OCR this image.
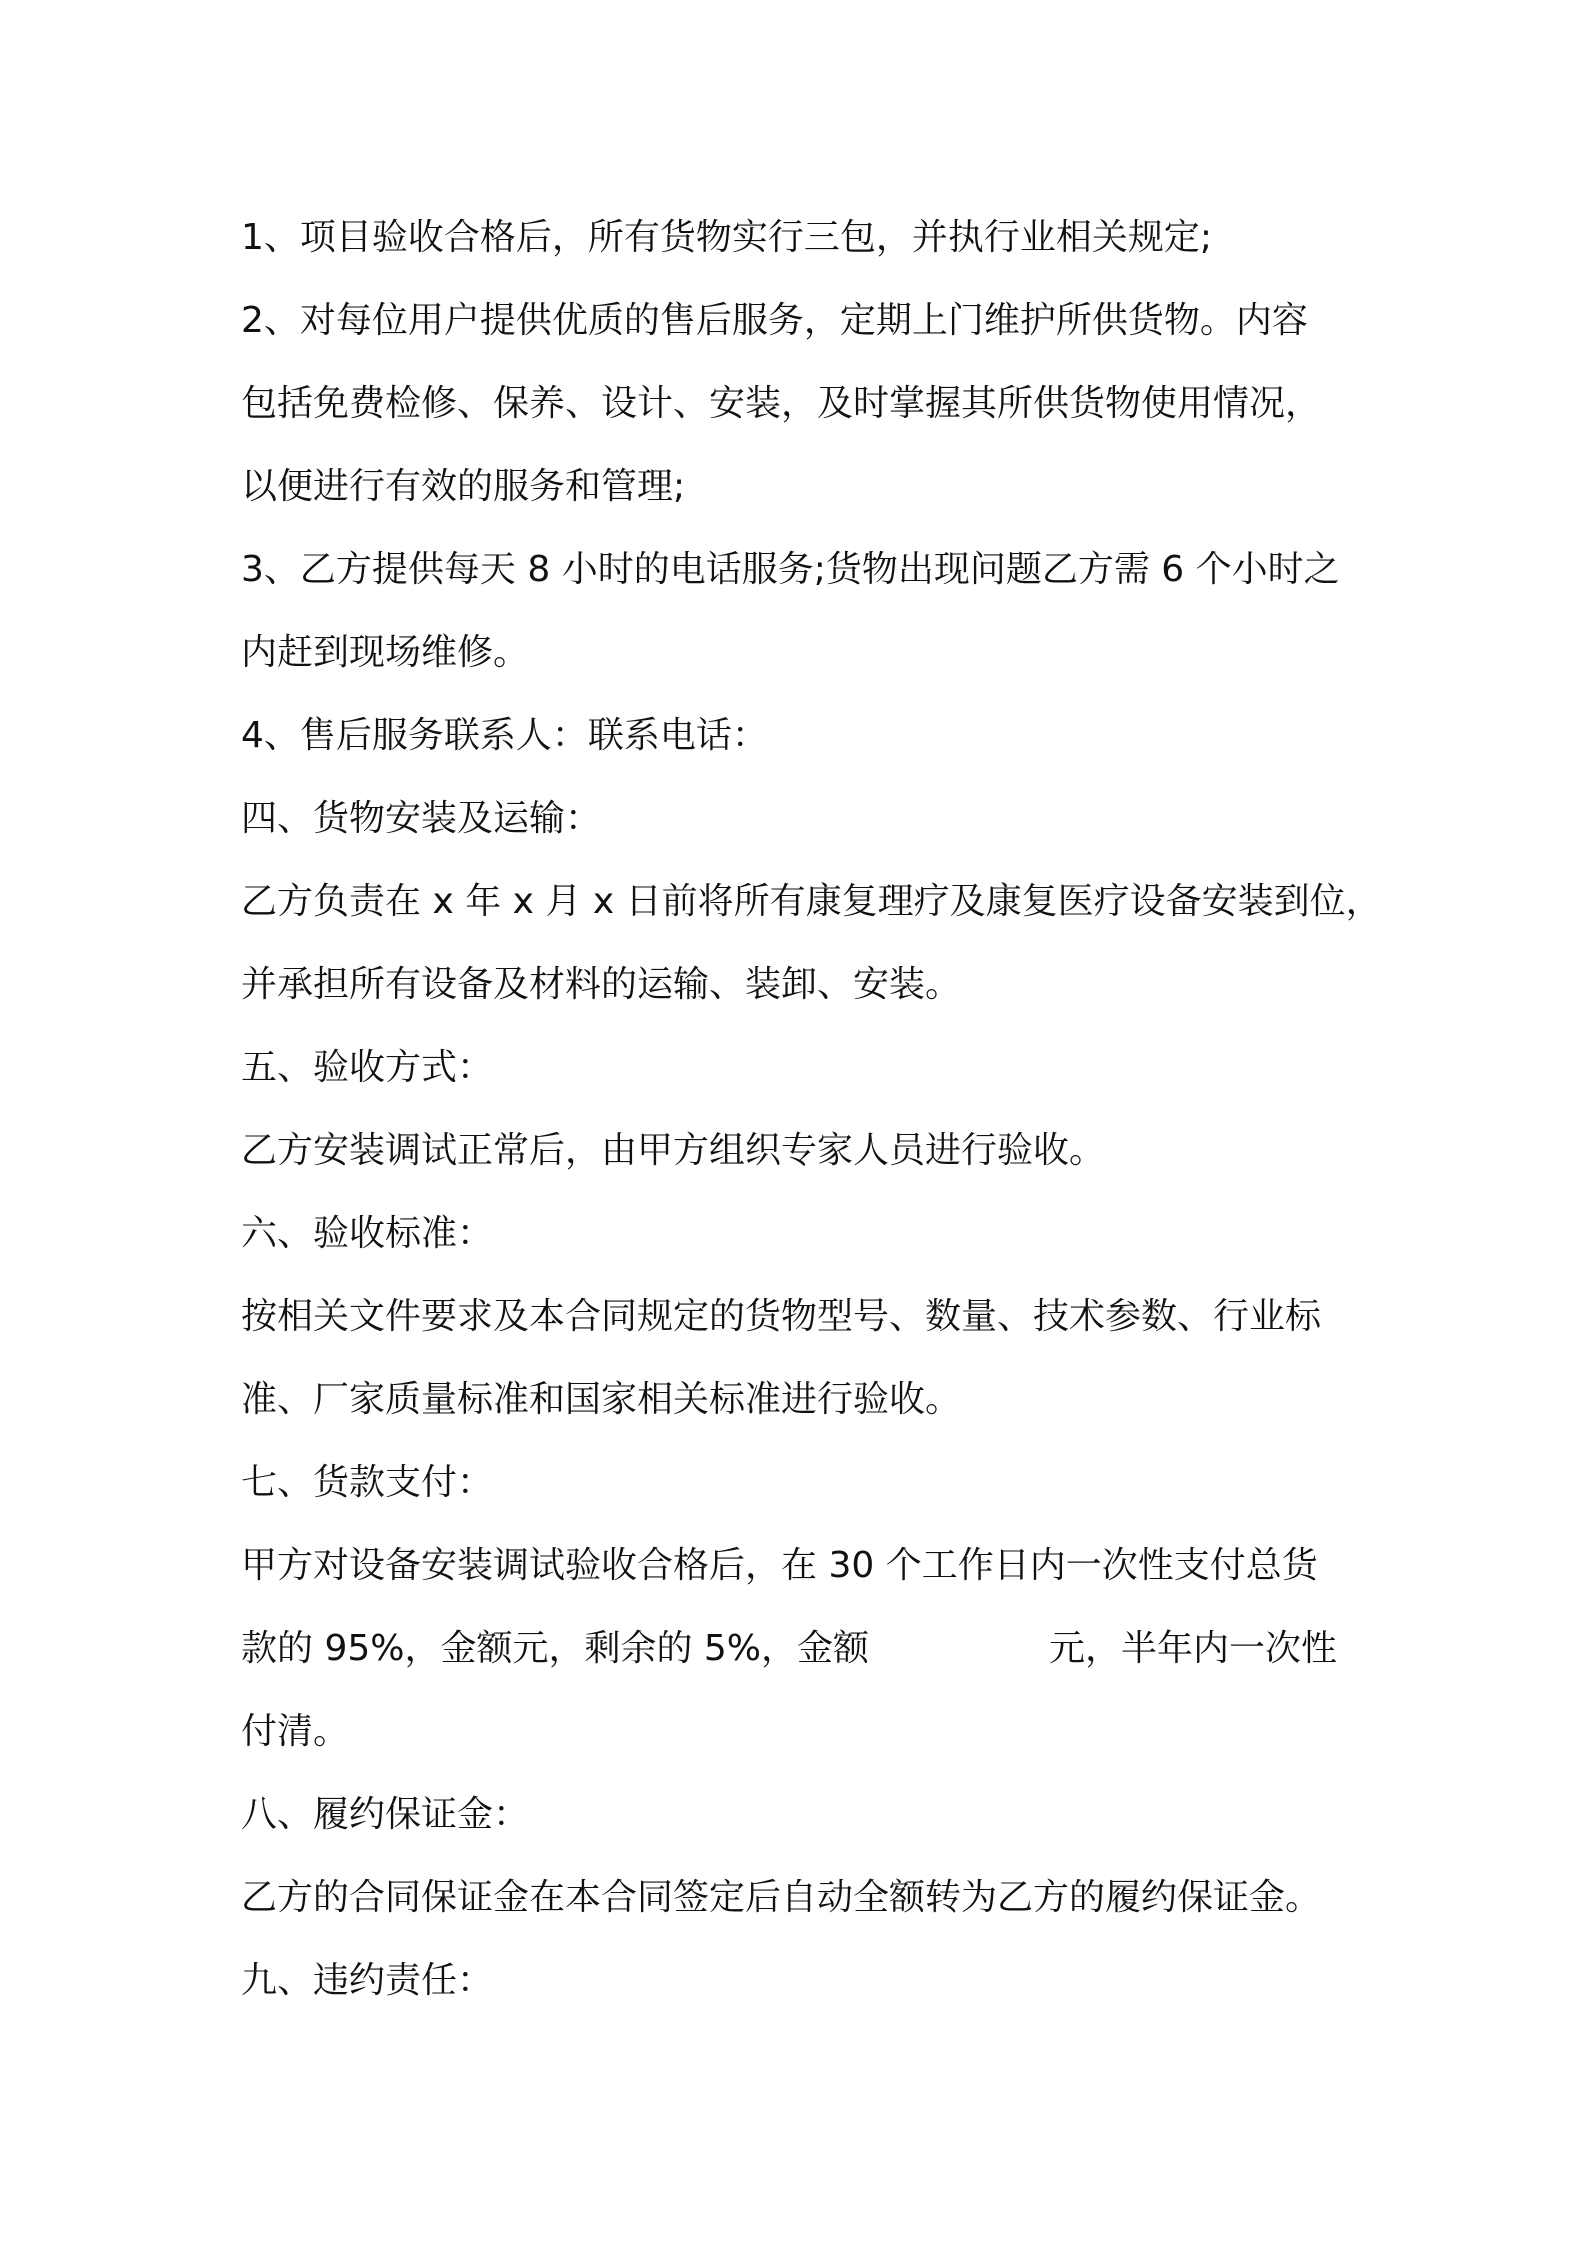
1、项目验收合格后，所有货物实行三包，并执行业相关规定;
2、对每位用户提供优质的售后服务，定期上门维护所供货物。内容
包括免费检修、保养、设计、安装，及时掌握其所供货物使用情况，
以便进行有效的服务和管理;
3、乙方提供每天 8 小时的电话服务;货物出现问题乙方需 6 个小时之
内赶到现场维修。
4、售后服务联系人：联系电话：
四、货物安装及运输：
乙方负责在 x 年 x 月 x 日前将所有康复理疗及康复医疗设备安装到位，
并承担所有设备及材料的运输、装卸、安装。
五、验收方式：
乙方安装调试正常后，由甲方组织专家人员进行验收。
六、验收标准：
按相关文件要求及本合同规定的货物型号、数量、技术参数、行业标
准、厂家质量标准和国家相关标准进行验收。
七、货款支付：
甲方对设备安装调试验收合格后，在 30 个工作日内一次性支付总货
款的 95%，金额元，剩余的 5%，金额　　　　　元，半年内一次性
付清。
八、履约保证金：
乙方的合同保证金在本合同签定后自动全额转为乙方的履约保证金。
九、违约责任：
